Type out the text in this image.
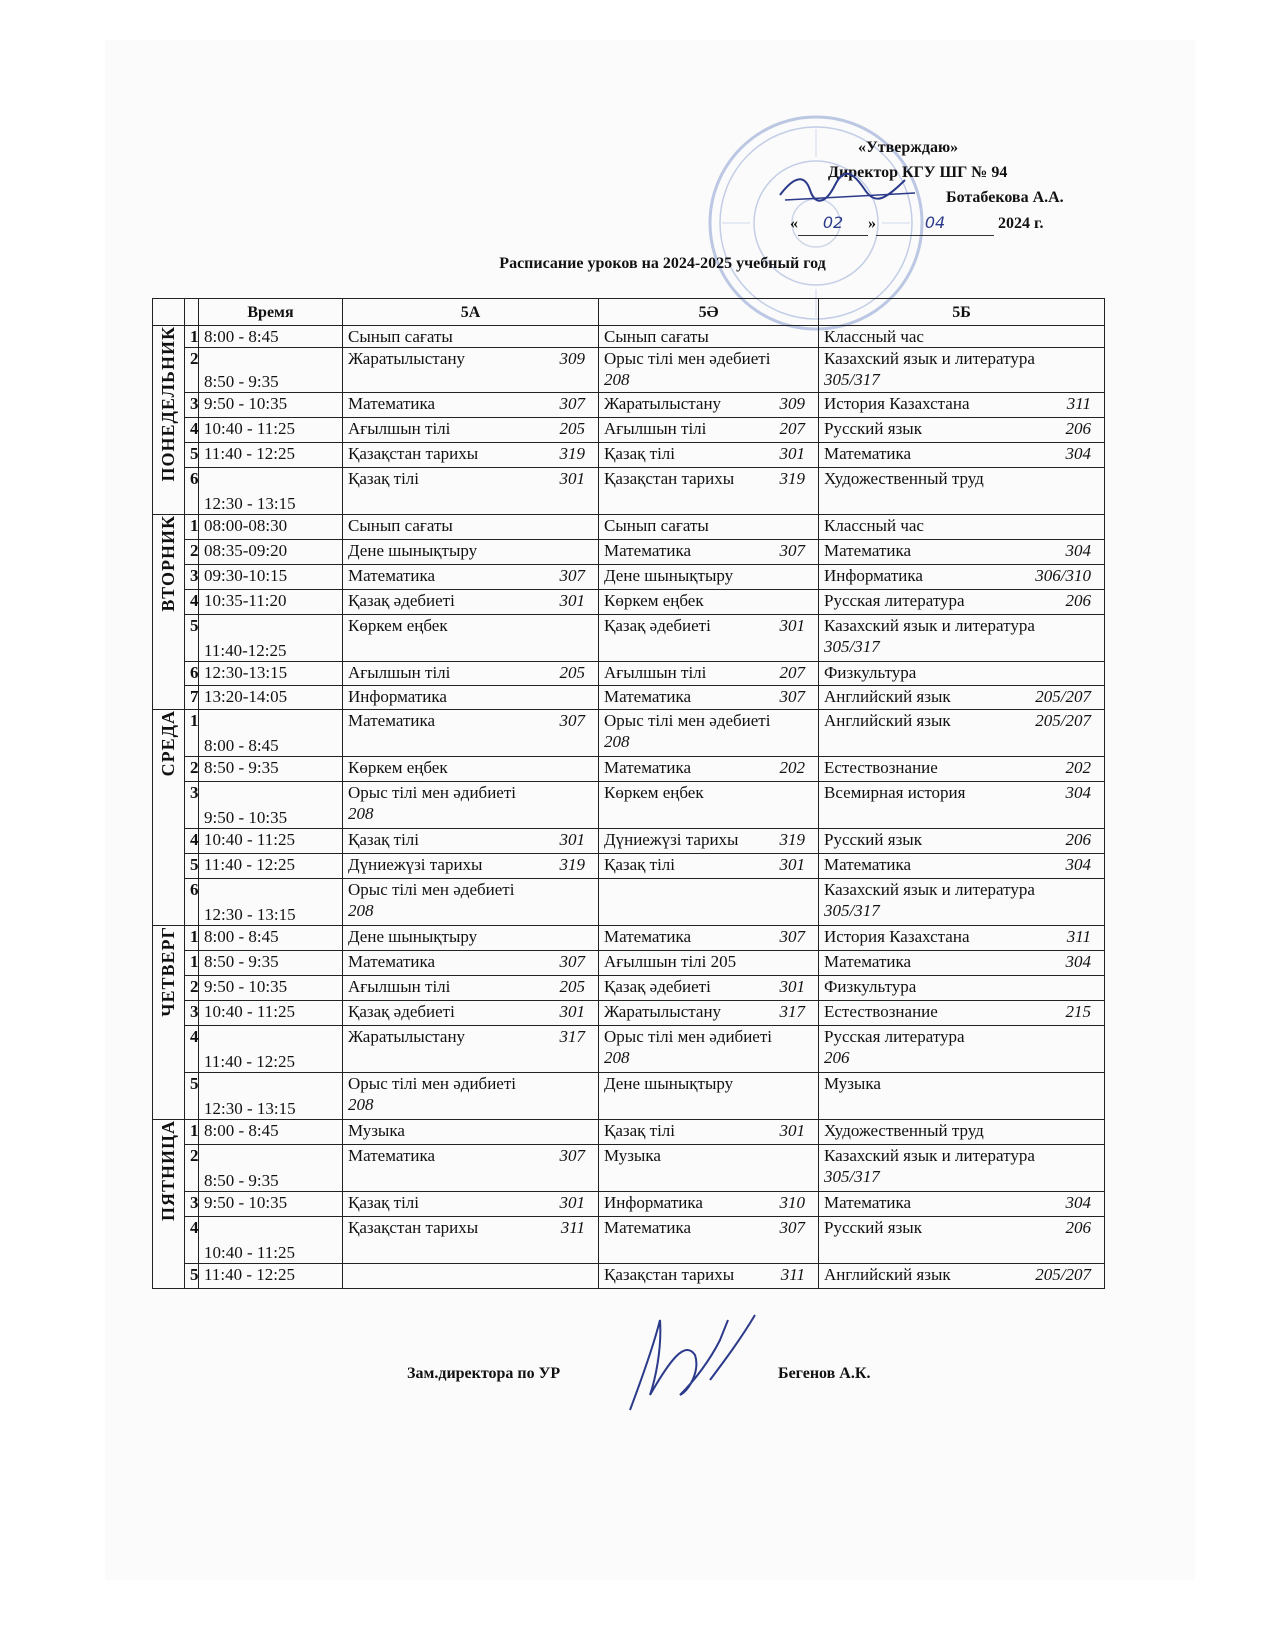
«Утверждаю»
Директор КГУ ШГ № 94
Ботабекова А.А.
« 02 »	04	2024 г.
Расписание уроков на 2024-2025 учебный год
		Время	5А	5Ә	5Б
ПОНЕДЕЛЬНИК	1	8:00 - 8:45	Сынып сағаты	Сынып сағаты	Классный час

	2	8:50 - 9:35	Жаратылыстану 309	Орыс тілі мен әдебиеті
208	Казахский язык и литература
305/317
	3	9:50 - 10:35	Математика 307	Жаратылыстану 309	История Казахстана 311

	4	10:40 - 11:25	Ағылшын тілі 205	Ағылшын тілі 207	Русский язык 206

	5	11:40 - 12:25	Қазақстан тарихы 319	Қазақ тілі 301	Математика 304

	6	12:30 - 13:15	Қазақ тілі 301	Қазақстан тарихы 319	Художественный труд

ВТОРНИК	1	08:00-08:30	Сынып сағаты	Сынып сағаты	Классный час

	2	08:35-09:20	Дене шынықтыру	Математика 307	Математика 304

	3	09:30-10:15	Математика 307	Дене шынықтыру	Информатика 306/310

	4	10:35-11:20	Қазақ әдебиеті 301	Көркем еңбек	Русская литература 206

	5	11:40-12:25	Көркем еңбек	Қазақ әдебиеті 301	Казахский язык и литература
305/317
	6	12:30-13:15	Ағылшын тілі 205	Ағылшын тілі 207	Физкультура

	7	13:20-14:05	Информатика	Математика 307	Английский язык 205/207

СРЕДА	1	8:00 - 8:45	Математика 307	Орыс тілі мен әдебиеті
208	Английский язык 205/207

	2	8:50 - 9:35	Көркем еңбек	Математика 202	Естествознание 202

	3	9:50 - 10:35	Орыс тілі мен әдибиеті
208	Көркем еңбек	Всемирная история 304

	4	10:40 - 11:25	Қазақ тілі 301	Дүниежүзі тарихы 319	Русский язык 206

	5	11:40 - 12:25	Дүниежүзі тарихы 319	Қазақ тілі 301	Математика 304

	6	12:30 - 13:15	Орыс тілі мен әдебиеті
208		Казахский язык и литература
305/317
ЧЕТВЕРГ	1	8:00 - 8:45	Дене шынықтыру	Математика 307	История Казахстана 311

	1	8:50 - 9:35	Математика 307	Ағылшын тілі 205	Математика 304

	2	9:50 - 10:35	Ағылшын тілі 205	Қазақ әдебиеті 301	Физкультура

	3	10:40 - 11:25	Қазақ әдебиеті 301	Жаратылыстану 317	Естествознание 215

	4	11:40 - 12:25	Жаратылыстану 317	Орыс тілі мен әдибиеті
208	Русская литература
206
	5	12:30 - 13:15	Орыс тілі мен әдибиеті
208	Дене шынықтыру	Музыка

ПЯТНИЦА	1	8:00 - 8:45	Музыка	Қазақ тілі 301	Художественный труд

	2	8:50 - 9:35	Математика 307	Музыка	Казахский язык и литература
305/317
	3	9:50 - 10:35	Қазақ тілі 301	Информатика 310	Математика 304

	4	10:40 - 11:25	Қазақстан тарихы 311	Математика 307	Русский язык 206

	5	11:40 - 12:25		Қазақстан тарихы 311	Английский язык 205/207
Зам.директора по УР	Бегенов А.К.
